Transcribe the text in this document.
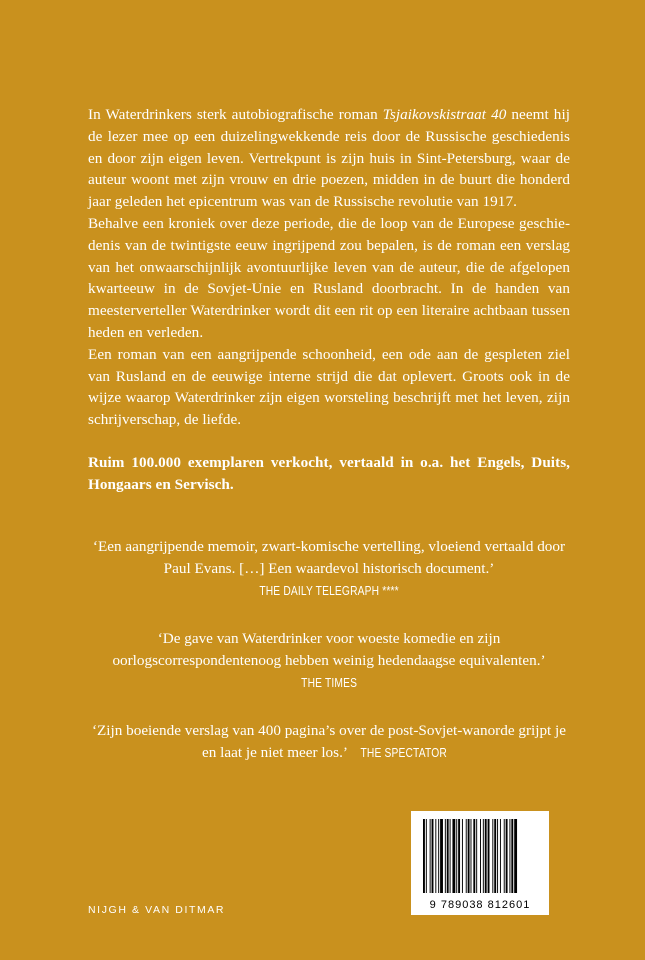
In Waterdrinkers sterk autobiografische roman Tsjaikovskistraat 40 neemt hij de lezer mee op een duizelingwekkende reis door de Russische geschiedenis en door zijn eigen leven. Vertrekpunt is zijn huis in Sint-Petersburg, waar de auteur woont met zijn vrouw en drie poezen, midden in de buurt die honderd jaar geleden het epicentrum was van de Russische revolutie van 1917.

Behalve een kroniek over deze periode, die de loop van de Europese geschiedenis van de twintigste eeuw ingrijpend zou bepalen, is de roman een verslag van het onwaarschijnlijk avontuurlijke leven van de auteur, die de afgelopen kwarteeuw in de Sovjet-Unie en Rusland doorbracht. In de handen van meesterverteller Waterdrinker wordt dit een rit op een literaire achtbaan tussen heden en verleden.

Een roman van een aangrijpende schoonheid, een ode aan de gespleten ziel van Rusland en de eeuwige interne strijd die dat oplevert. Groots ook in de wijze waarop Waterdrinker zijn eigen worsteling beschrijft met het leven, zijn schrijverschap, de liefde.

Ruim 100.000 exemplaren verkocht, vertaald in o.a. het Engels, Duits, Hongaars en Servisch.

‘Een aangrijpende memoir, zwart-komische vertelling, vloeiend vertaald door Paul Evans. […] Een waardevol historisch document.’
THE DAILY TELEGRAPH ****
‘De gave van Waterdrinker voor woeste komedie en zijn oorlogscorrespondentenoog hebben weinig hedendaagse equivalenten.’
THE TIMES
‘Zijn boeiende verslag van 400 pagina’s over de post-Sovjet-wanorde grijpt je en laat je niet meer los.’ THE SPECTATOR
NIJGH & VAN DITMAR	9 789038 812601
